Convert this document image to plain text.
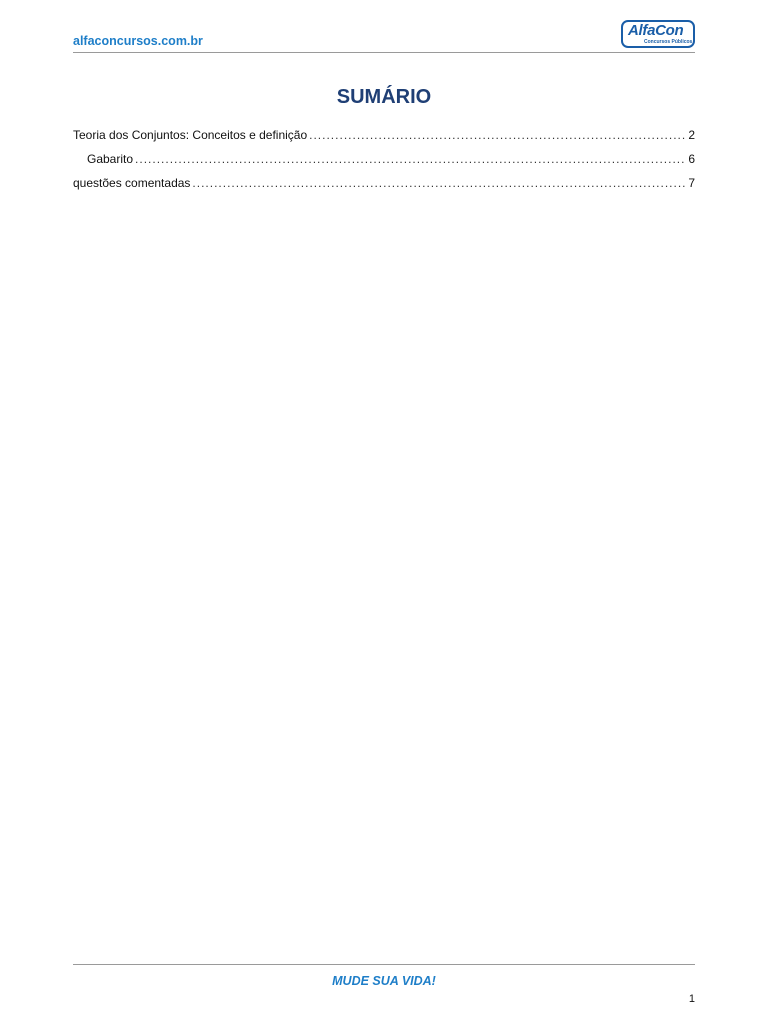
alfaconcursos.com.br
AlfaCon
Concursos Públicos
SUMÁRIO
Teoria dos Conjuntos: Conceitos e definição .....	2
Gabarito .....	6
questões comentadas .....	7
MUDE SUA VIDA!
1
